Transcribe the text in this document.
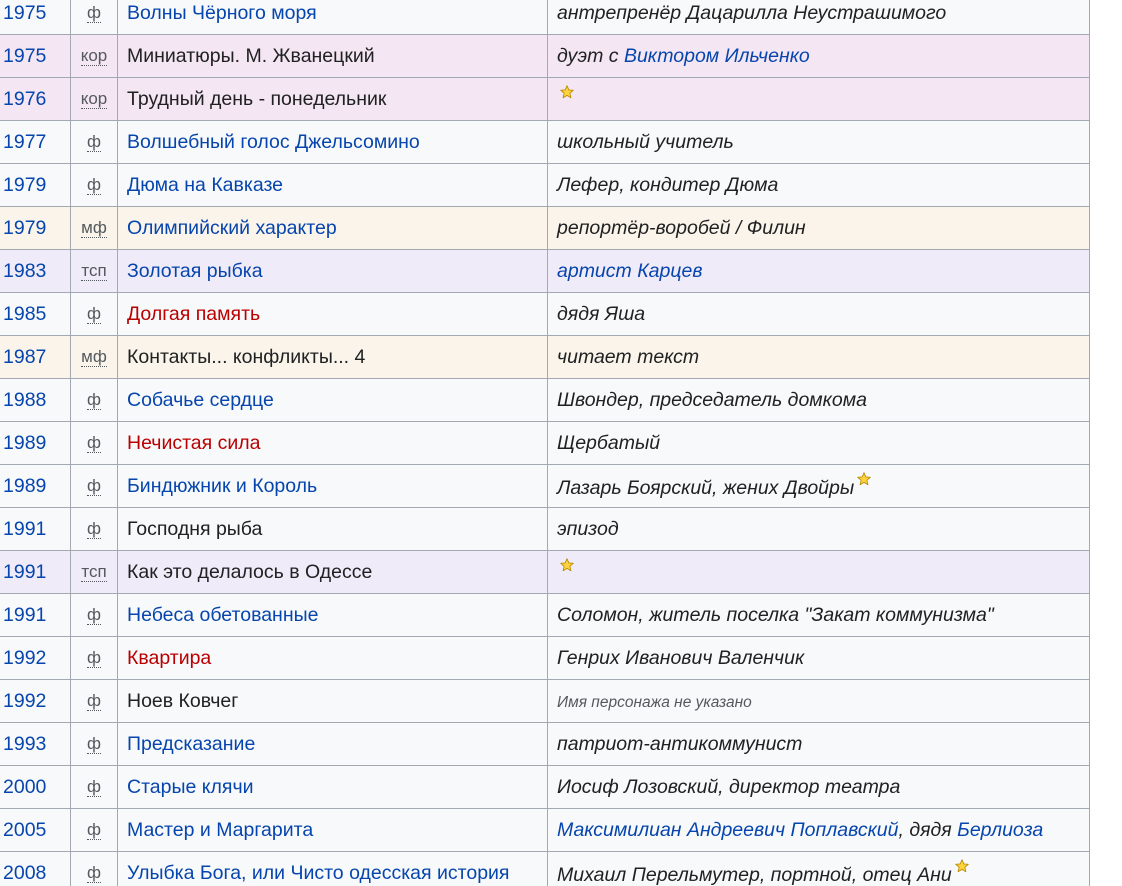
1975	ф	Волны Чёрного моря	антрепренёр Дацарилла Неустрашимого
1975	кор	Миниатюры. М. Жванецкий	дуэт с Виктором Ильченко
1976	кор	Трудный день - понедельник	
1977	ф	Волшебный голос Джельсомино	школьный учитель
1979	ф	Дюма на Кавказе	Лефер, кондитер Дюма
1979	мф	Олимпийский характер	репортёр-воробей / Филин
1983	тсп	Золотая рыбка	артист Карцев
1985	ф	Долгая память	дядя Яша
1987	мф	Контакты... конфликты... 4	читает текст
1988	ф	Собачье сердце	Швондер, председатель домкома
1989	ф	Нечистая сила	Щербатый
1989	ф	Биндюжник и Король	Лазарь Боярский, жених Двойры
1991	ф	Господня рыба	эпизод
1991	тсп	Как это делалось в Одессе	
1991	ф	Небеса обетованные	Соломон, житель поселка "Закат коммунизма"
1992	ф	Квартира	Генрих Иванович Валенчик
1992	ф	Ноев Ковчег	Имя персонажа не указано
1993	ф	Предсказание	патриот-антикоммунист
2000	ф	Старые клячи	Иосиф Лозовский, директор театра
2005	ф	Мастер и Маргарита	Максимилиан Андреевич Поплавский, дядя Берлиоза
2008	ф	Улыбка Бога, или Чисто одесская история	Михаил Перельмутер, портной, отец Ани
